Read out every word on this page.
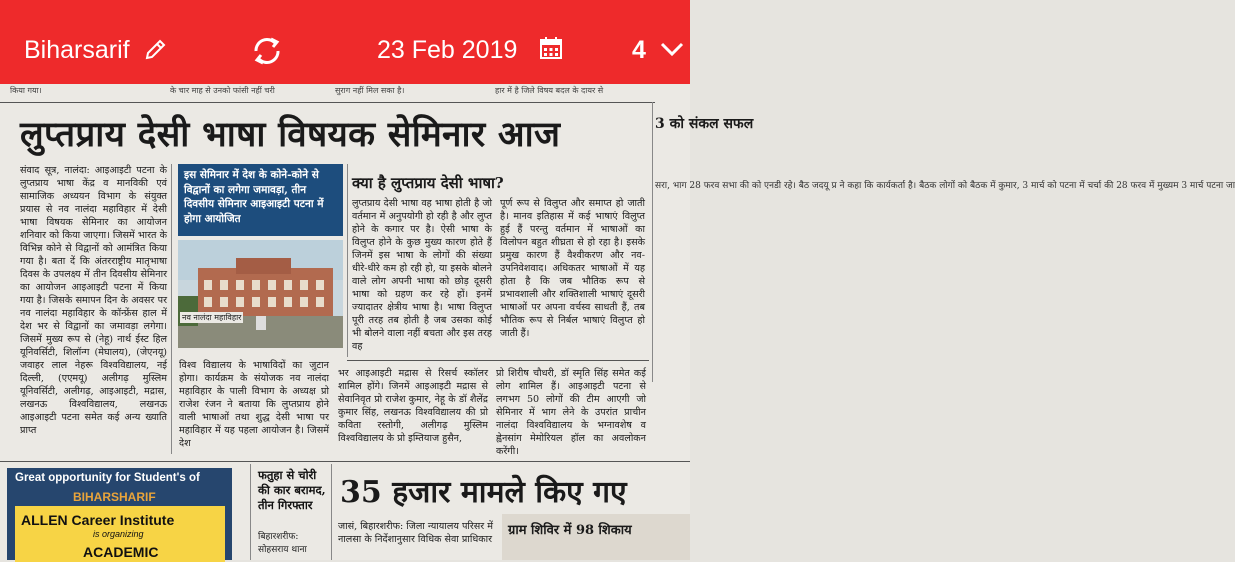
Biharsarif	23 Feb 2019	4
किया गया।	के चार माह से उनको फांसी नहीं चरी	सुराग नहीं मिल सका है।	हार में है जिले विषय बदल के दायर से
लुप्तप्राय देसी भाषा विषयक सेमिनार आज

संवाद सूत्र, नालंदा: आइआइटी पटना के लुप्तप्राय भाषा केंद्र व मानविकी एवं सामाजिक अध्ययन विभाग के संयुक्त प्रयास से नव नालंदा महाविहार में देसी भाषा विषयक सेमिनार का आयोजन शनिवार को किया जाएगा। जिसमें भारत के विभिन्न कोने से विद्वानों को आमंत्रित किया गया है। बता दें कि अंतरराष्ट्रीय मातृभाषा दिवस के उपलक्ष्य में तीन दिवसीय सेमिनार का आयोजन आइआइटी पटना में किया गया है। जिसके समापन दिन के अवसर पर नव नालंदा महाविहार के कॉन्फ्रेंस हाल में देश भर से विद्वानों का जमावड़ा लगेगा। जिसमें मुख्य रूप से (नेहू) नार्थ ईस्ट हिल यूनिवर्सिटी, शिलॉन्ग (मेघालय), (जेएनयू) जवाहर लाल नेहरू विश्वविद्यालय, नई दिल्ली, (एएमयू) अलीगढ़ मुस्लिम यूनिवर्सिटी, अलीगढ़, आइआइटी, मद्रास, लखनऊ विश्वविद्यालय, लखनऊ आइआइटी पटना समेत कई अन्य ख्याति प्राप्त

इस सेमिनार में देश के कोने-कोने से विद्वानों का लगेगा जमावड़ा, तीन दिवसीय सेमिनार आइआइटी पटना में होगा आयोजित
नव नालंदा महाविहार
क्या है लुप्तप्राय देसी भाषा?

लुप्तप्राय देसी भाषा वह भाषा होती है जो वर्तमान में अनुपयोगी हो रही है और लुप्त होने के कगार पर है। ऐसी भाषा के विलुप्त होने के कुछ मुख्य कारण होते हैं जिनमें इस भाषा के लोगों की संख्या धीरे-धीरे कम हो रही हो, या इसके बोलने वाले लोग अपनी भाषा को छोड़ दूसरी भाषा को ग्रहण कर रहे हों। इनमें ज्यादातर क्षेत्रीय भाषा है। भाषा विलुप्त पूरी तरह तब होती है जब उसका कोई भी बोलने वाला नहीं बचता और इस तरह वह

पूर्ण रूप से विलुप्त और समाप्त हो जाती है। मानव इतिहास में कई भाषाएं विलुप्त हुई हैं परन्तु वर्तमान में भाषाओं का विलोपन बहुत शीघ्रता से हो रहा है। इसके प्रमुख कारण हैं वैश्वीकरण और नव-उपनिवेशवाद। अधिकतर भाषाओं में यह होता है कि जब भौतिक रूप से प्रभावशाली और शक्तिशाली भाषाएं दूसरी भाषाओं पर अपना वर्चस्व साधती हैं, तब भौतिक रूप से निर्बल भाषाएं विलुप्त हो जाती हैं।

विश्व विद्यालय के भाषाविदों का जुटान होगा। कार्यक्रम के संयोजक नव नालंदा महाविहार के पाली विभाग के अध्यक्ष प्रो राजेश रंजन ने बताया कि लुप्तप्राय होने वाली भाषाओं तथा शुद्ध देसी भाषा पर महाविहार में यह पहला आयोजन है। जिसमें देश

भर आइआइटी मद्रास से रिसर्च स्कॉलर शामिल होंगे। जिनमें आइआइटी मद्रास से सेवानिवृत प्रो राजेश कुमार, नेहू के डॉ शैलेंद्र कुमार सिंह, लखनऊ विश्वविद्यालय की प्रो कविता रस्तोगी, अलीगढ़ मुस्लिम विश्वविद्यालय के प्रो इम्तियाज हुसैन,

प्रो शिरीष चौधरी, डॉ स्मृति सिंह समेत कई लोग शामिल हैं। आइआइटी पटना से लगभग 50 लोगों की टीम आएगी जो सेमिनार में भाग लेने के उपरांत प्राचीन नालंदा विश्वविद्यालय के भग्नावशेष व ह्वेनसांग मेमोरियल हॉल का अवलोकन करेंगी।

3 को संकल सफल
सरा, भाग 28 फरव सभा की को एनडी रहे। बैठ जदयू प्र ने कहा कि कार्यकर्ता है। बैठक लोगों को बैठक में कुमार, 3 मार्च को पटना में चर्चा की 28 फरव में मुख्यम 3 मार्च पटना जा
Great opportunity for Student's of
BIHARSHARIF
ALLEN Career Institute
is organizing
ACADEMIC
फतुहा से चोरी की कार बरामद, तीन गिरफ्तार

बिहारशरीफ: सोहसराय थाना

35 हजार मामले किए गए

जासं, बिहारशरीफ: जिला न्यायालय परिसर में नालसा के निर्देशानुसार विधिक सेवा प्राधिकार

ग्राम शिविर में 98 शिकाय
